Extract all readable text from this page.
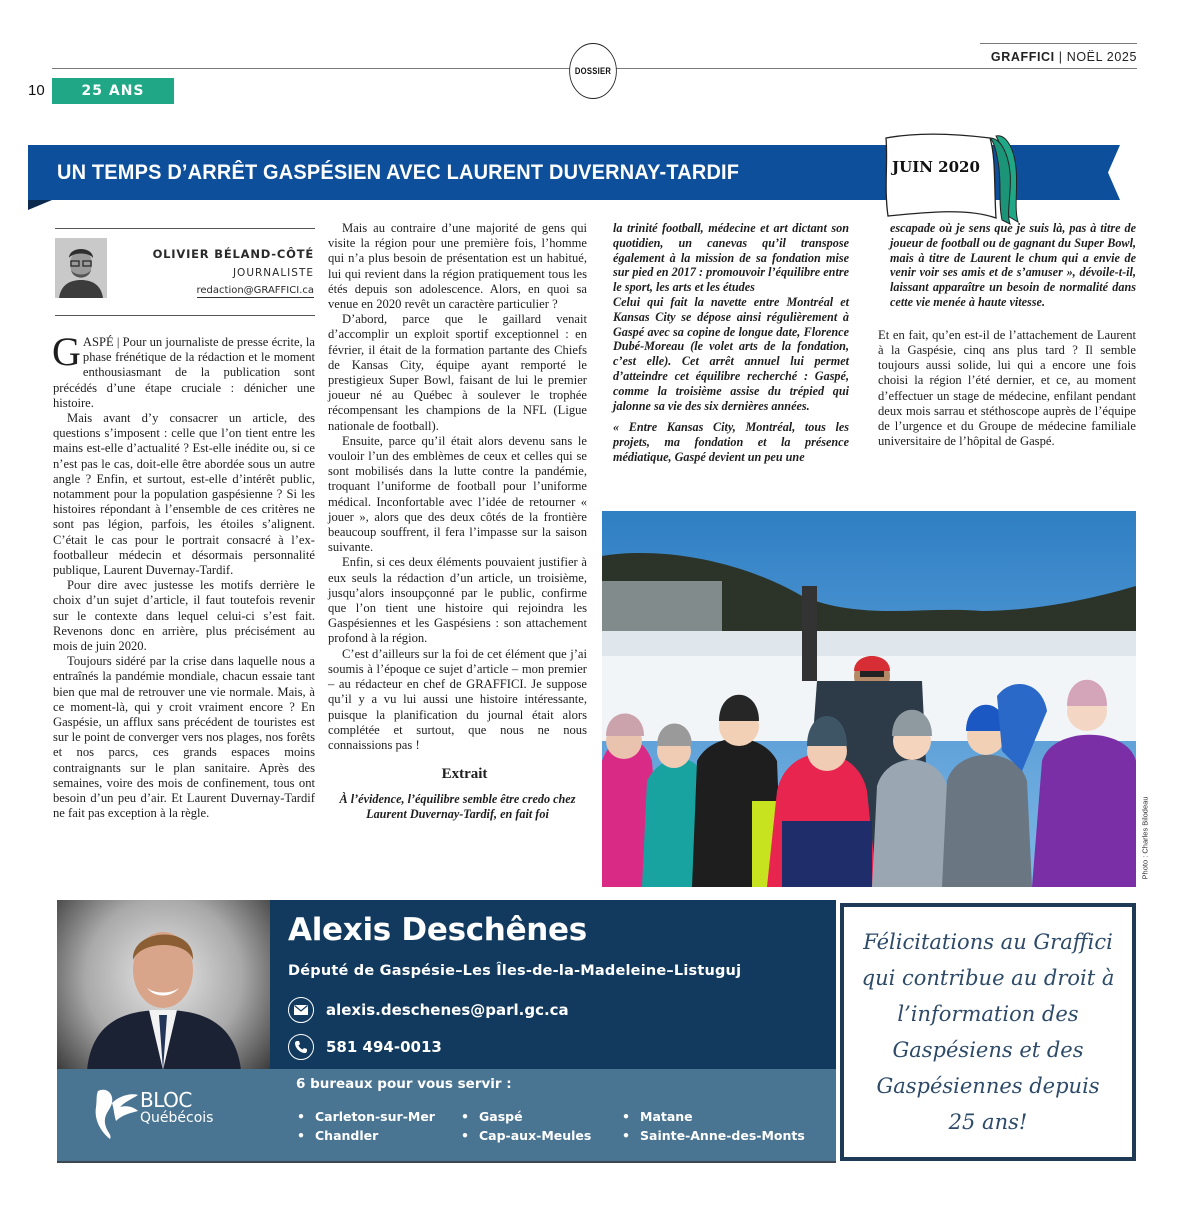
10	25 ANS
DOSSIER
GRAFFICI | NOËL 2025
UN TEMPS D’ARRÊT GASPÉSIEN AVEC LAURENT DUVERNAY-TARDIF	JUIN 2020
OLIVIER BÉLAND-CÔTÉ
JOURNALISTE
redaction@GRAFFICI.ca

GASPÉ | Pour un journaliste de presse écrite, la phase frénétique de la rédaction et le moment enthousiasmant de la publication sont précédés d’une étape cruciale : dénicher une histoire.

Mais avant d’y consacrer un article, des questions s’imposent : celle que l’on tient entre les mains est-elle d’actualité ? Est-elle inédite ou, si ce n’est pas le cas, doit-elle être abordée sous un autre angle ? Enfin, et surtout, est-elle d’intérêt public, notamment pour la population gaspésienne ? Si les histoires répondant à l’ensemble de ces critères ne sont pas légion, parfois, les étoiles s’alignent. C’était le cas pour le portrait consacré à l’ex-footballeur médecin et désormais personnalité publique, Laurent Duvernay-Tardif.

Pour dire avec justesse les motifs derrière le choix d’un sujet d’article, il faut toutefois revenir sur le contexte dans lequel celui-ci s’est fait. Revenons donc en arrière, plus précisément au mois de juin 2020.

Toujours sidéré par la crise dans laquelle nous a entraînés la pandémie mondiale, chacun essaie tant bien que mal de retrouver une vie normale. Mais, à ce moment-là, qui y croit vraiment encore ? En Gaspésie, un afflux sans précédent de touristes est sur le point de converger vers nos plages, nos forêts et nos parcs, ces grands espaces moins contraignants sur le plan sanitaire. Après des semaines, voire des mois de confinement, tous ont besoin d’un peu d’air. Et Laurent Duvernay-Tardif ne fait pas exception à la règle.

Mais au contraire d’une majorité de gens qui visite la région pour une première fois, l’homme qui n’a plus besoin de présentation est un habitué, lui qui revient dans la région pratiquement tous les étés depuis son adolescence. Alors, en quoi sa venue en 2020 revêt un caractère particulier ?

D’abord, parce que le gaillard venait d’accomplir un exploit sportif exceptionnel : en février, il était de la formation partante des Chiefs de Kansas City, équipe ayant remporté le prestigieux Super Bowl, faisant de lui le premier joueur né au Québec à soulever le trophée récompensant les champions de la NFL (Ligue nationale de football).

Ensuite, parce qu’il était alors devenu sans le vouloir l’un des emblèmes de ceux et celles qui se sont mobilisés dans la lutte contre la pandémie, troquant l’uniforme de football pour l’uniforme médical. Inconfortable avec l’idée de retourner « jouer », alors que des deux côtés de la frontière beaucoup souffrent, il fera l’impasse sur la saison suivante.

Enfin, si ces deux éléments pouvaient justifier à eux seuls la rédaction d’un article, un troisième, jusqu’alors insoupçonné par le public, confirme que l’on tient une histoire qui rejoindra les Gaspésiennes et les Gaspésiens : son attachement profond à la région.

C’est d’ailleurs sur la foi de cet élément que j’ai soumis à l’époque ce sujet d’article – mon premier – au rédacteur en chef de GRAFFICI. Je suppose qu’il y a vu lui aussi une histoire intéressante, puisque la planification du journal était alors complétée et surtout, que nous ne nous connaissions pas !

Extrait

À l’évidence, l’équilibre semble être credo chez Laurent Duvernay-Tardif, en fait foi

la trinité football, médecine et art dictant son quotidien, un canevas qu’il transpose également à la mission de sa fondation mise sur pied en 2017 : promouvoir l’équilibre entre le sport, les arts et les études

Celui qui fait la navette entre Montréal et Kansas City se dépose ainsi régulièrement à Gaspé avec sa copine de longue date, Florence Dubé-Moreau (le volet arts de la fondation, c’est elle). Cet arrêt annuel lui permet d’atteindre cet équilibre recherché : Gaspé, comme la troisième assise du trépied qui jalonne sa vie des six dernières années.

« Entre Kansas City, Montréal, tous les projets, ma fondation et la présence médiatique, Gaspé devient un peu une

escapade où je sens que je suis là, pas à titre de joueur de football ou de gagnant du Super Bowl, mais à titre de Laurent le chum qui a envie de venir voir ses amis et de s’amuser », dévoile-t-il, laissant apparaître un besoin de normalité dans cette vie menée à haute vitesse.

Et en fait, qu’en est-il de l’attachement de Laurent à la Gaspésie, cinq ans plus tard ? Il semble toujours aussi solide, lui qui a encore une fois choisi la région l’été dernier, et ce, au moment d’effectuer un stage de médecine, enfilant pendant deux mois sarrau et stéthoscope auprès de l’équipe de l’urgence et du Groupe de médecine familiale universitaire de l’hôpital de Gaspé.

Photo : Charles Bilodeau
Alexis Deschênes
Député de Gaspésie–Les Îles-de-la-Madeleine–Listuguj
alexis.deschenes@parl.gc.ca
581 494-0013
BLOC
Québécois
6 bureaux pour vous servir :
• Carleton-sur-Mer
• Chandler
• Gaspé
• Cap-aux-Meules
• Matane
• Sainte-Anne-des-Monts

Félicitations au Graffici qui contribue au droit à l’information des Gaspésiens et des Gaspésiennes depuis 25 ans!
